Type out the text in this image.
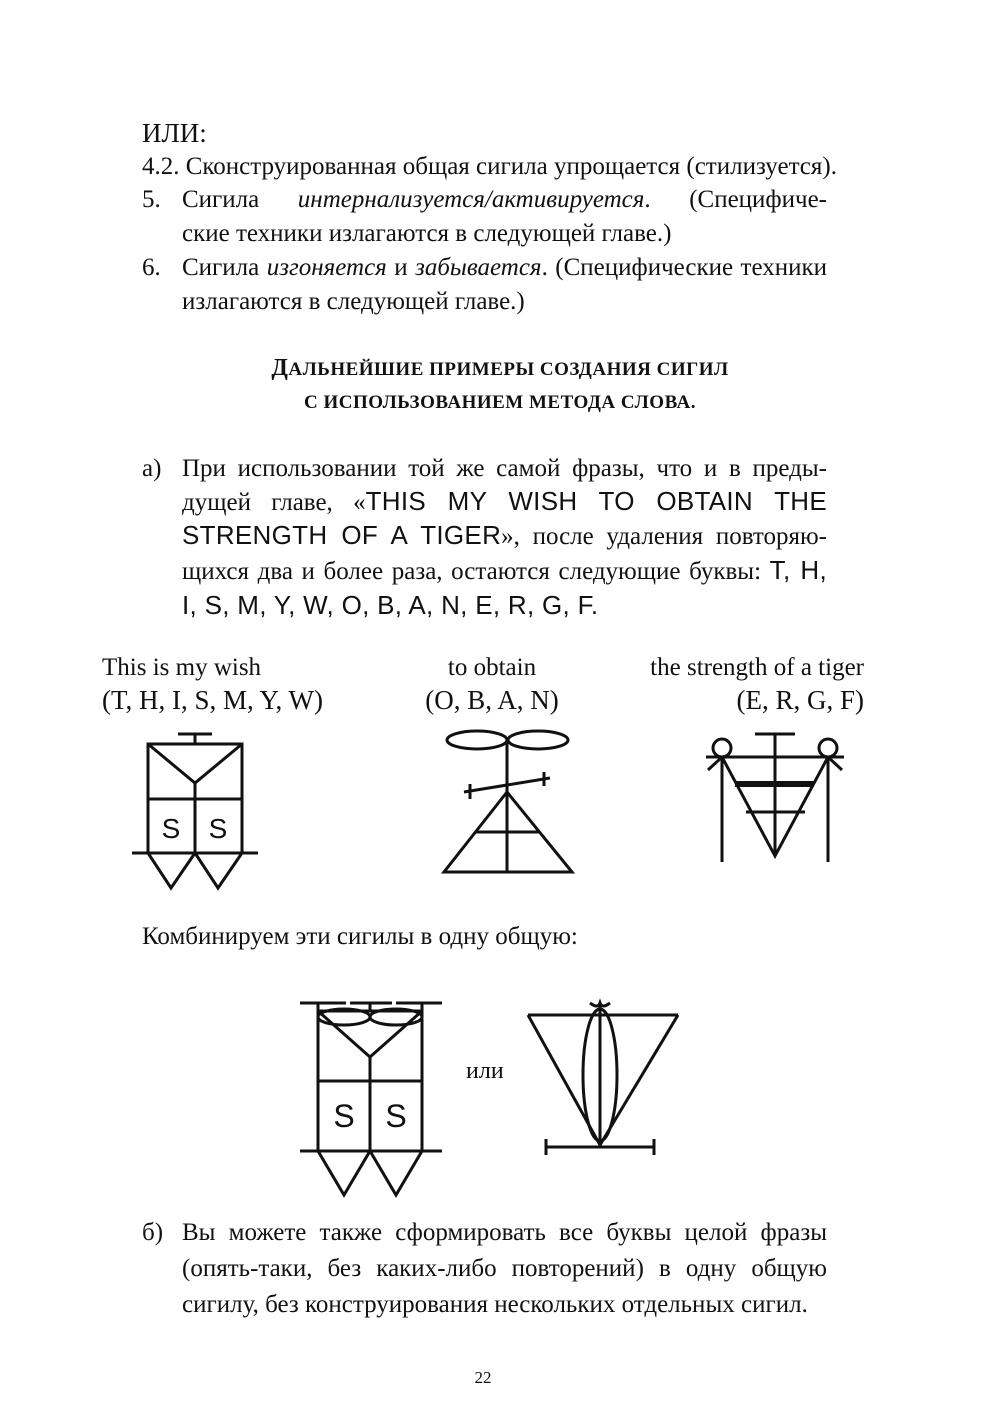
ИЛИ:
4.2. Сконструированная общая сигила упрощается (стилизуется).
5. Сигила интернализуется/активируется. (Специфиче-
ские техники излагаются в следующей главе.)
6. Сигила изгоняется и забывается. (Специфические техники
излагаются в следующей главе.)
ДАЛЬНЕЙШИЕ ПРИМЕРЫ СОЗДАНИЯ СИГИЛ
С ИСПОЛЬЗОВАНИЕМ МЕТОДА СЛОВА.
а) При использовании той же самой фразы, что и в преды-
дущей главе, «THIS MY WISH TO OBTAIN THE
STRENGTH OF A TIGER», после удаления повторяю-
щихся два и более раза, остаются следующие буквы: T, H,
I, S, M, Y, W, O, B, A, N, E, R, G, F.
This is my wish
(T, H, I, S, M, Y, W)
to obtain
(O, B, A, N)
the strength of a tiger
(E, R, G, F)
S S
Комбинируем эти сигилы в одну общую:
S S
или
б) Вы можете также сформировать все буквы целой фразы
(опять-таки, без каких-либо повторений) в одну общую
сигилу, без конструирования нескольких отдельных сигил.
22
